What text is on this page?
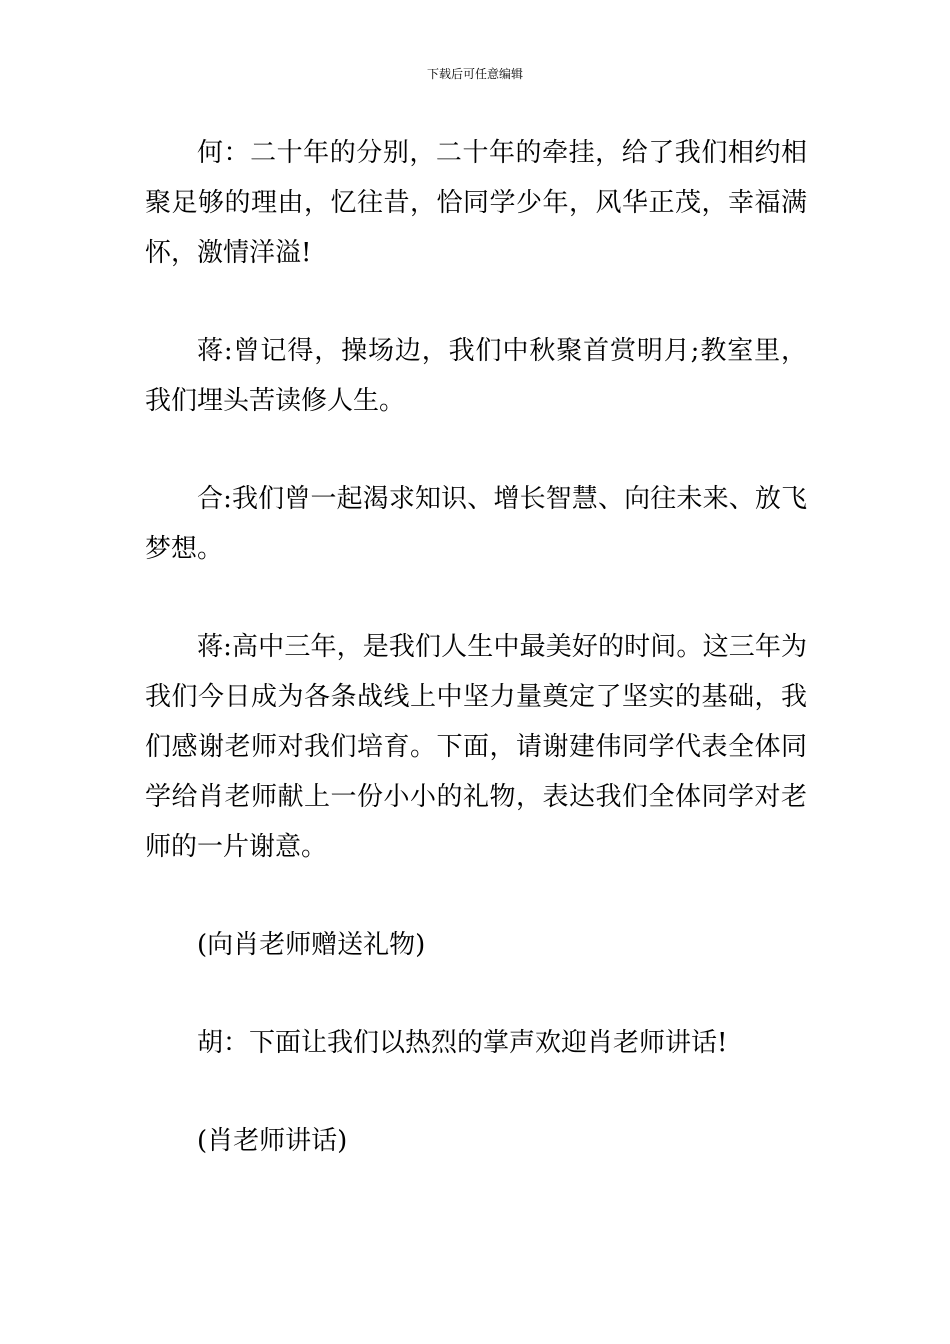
下载后可任意编辑

何：二十年的分别，二十年的牵挂，给了我们相约相聚足够的理由，忆往昔，恰同学少年，风华正茂，幸福满怀，激情洋溢!

蒋:曾记得，操场边，我们中秋聚首赏明月;教室里，我们埋头苦读修人生。

合:我们曾一起渴求知识、增长智慧、向往未来、放飞梦想。

蒋:高中三年，是我们人生中最美好的时间。这三年为我们今日成为各条战线上中坚力量奠定了坚实的基础，我们感谢老师对我们培育。下面，请谢建伟同学代表全体同学给肖老师献上一份小小的礼物，表达我们全体同学对老师的一片谢意。

(向肖老师赠送礼物)

胡：下面让我们以热烈的掌声欢迎肖老师讲话!

(肖老师讲话)
